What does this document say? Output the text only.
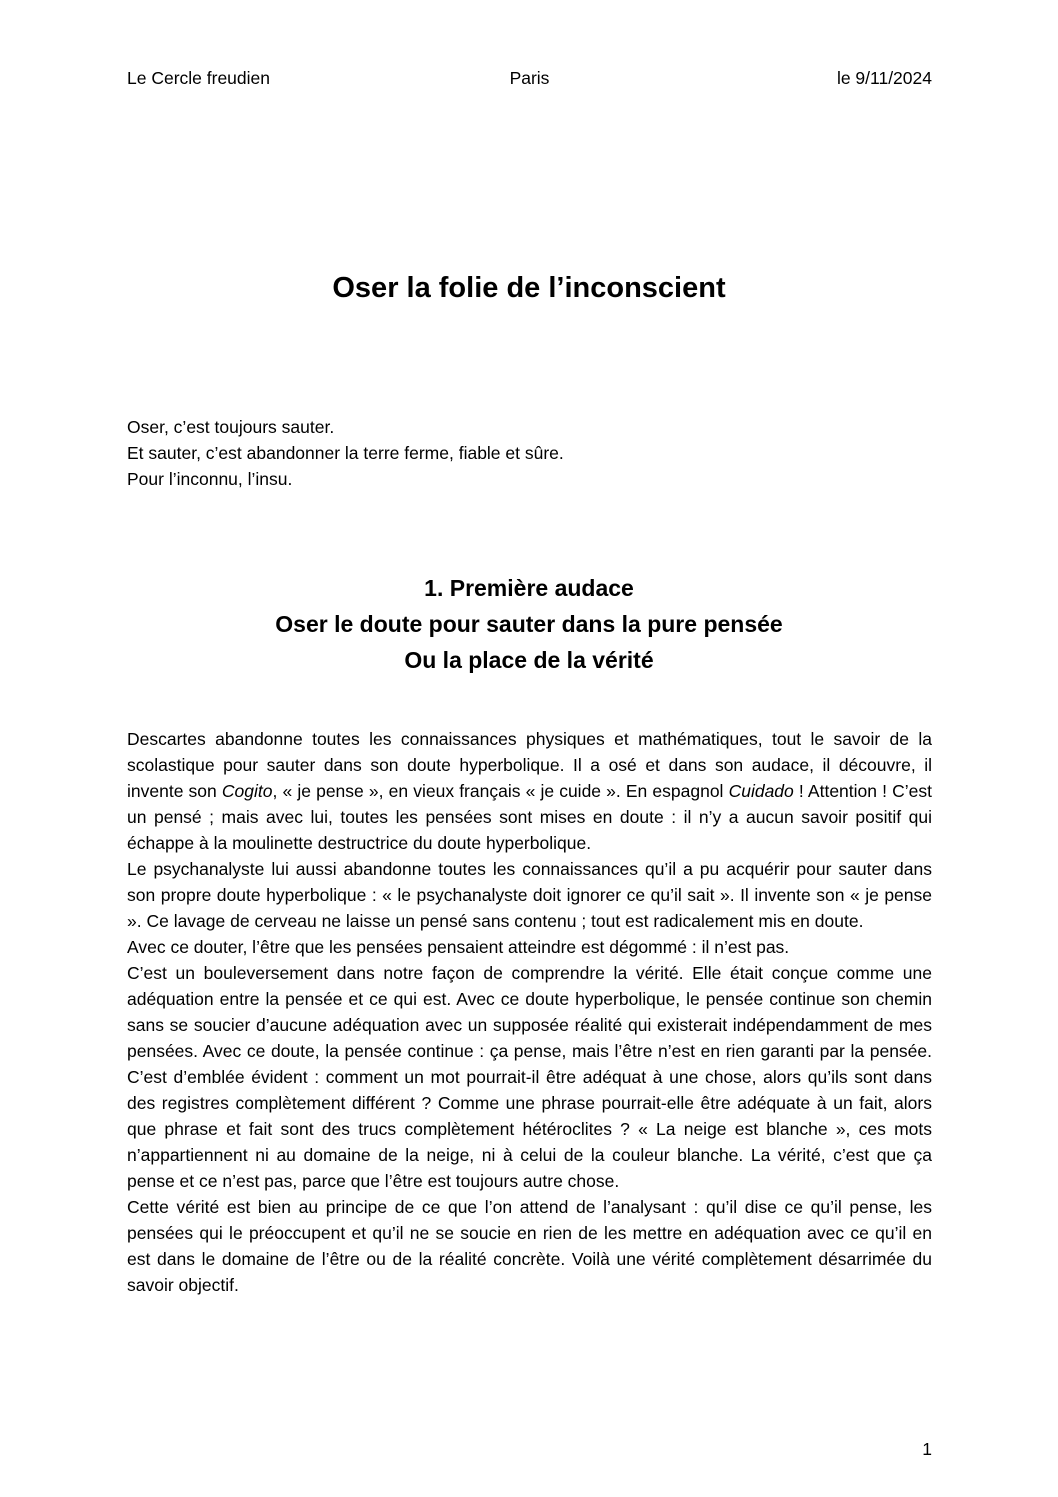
Le Cercle freudien	Paris	le 9/11/2024
Oser la folie de l’inconscient
Oser, c’est toujours sauter.
Et sauter, c’est abandonner la terre ferme, fiable et sûre.
Pour l’inconnu, l’insu.
1. Première audace
Oser le doute pour sauter dans la pure pensée
Ou la place de la vérité

Descartes abandonne toutes les connaissances physiques et mathématiques, tout le savoir de la scolastique pour sauter dans son doute hyperbolique. Il a osé et dans son audace, il découvre, il invente son Cogito, « je pense », en vieux français « je cuide ». En espagnol Cuidado ! Attention ! C’est un pensé ; mais avec lui, toutes les pensées sont mises en doute : il n’y a aucun savoir positif qui échappe à la moulinette destructrice du doute hyperbolique.

Le psychanalyste lui aussi abandonne toutes les connaissances qu’il a pu acquérir pour sauter dans son propre doute hyperbolique : « le psychanalyste doit ignorer ce qu’il sait ». Il invente son « je pense ». Ce lavage de cerveau ne laisse un pensé sans contenu ; tout est radicalement mis en doute.

Avec ce douter, l’être que les pensées pensaient atteindre est dégommé : il n’est pas.

C’est un bouleversement dans notre façon de comprendre la vérité. Elle était conçue comme une adéquation entre la pensée et ce qui est. Avec ce doute hyperbolique, le pensée continue son chemin sans se soucier d’aucune adéquation avec un supposée réalité qui existerait indépendamment de mes pensées. Avec ce doute, la pensée continue : ça pense, mais l’être n’est en rien garanti par la pensée. C’est d’emblée évident : comment un mot pourrait-il être adéquat à une chose, alors qu’ils sont dans des registres complètement différent ? Comme une phrase pourrait-elle être adéquate à un fait, alors que phrase et fait sont des trucs complètement hétéroclites ? « La neige est blanche », ces mots n’appartiennent ni au domaine de la neige, ni à celui de la couleur blanche. La vérité, c’est que ça pense et ce n’est pas, parce que l’être est toujours autre chose.

Cette vérité est bien au principe de ce que l’on attend de l’analysant : qu’il dise ce qu’il pense, les pensées qui le préoccupent et qu’il ne se soucie en rien de les mettre en adéquation avec ce qu’il en est dans le domaine de l’être ou de la réalité concrète. Voilà une vérité complètement désarrimée du savoir objectif.

1
